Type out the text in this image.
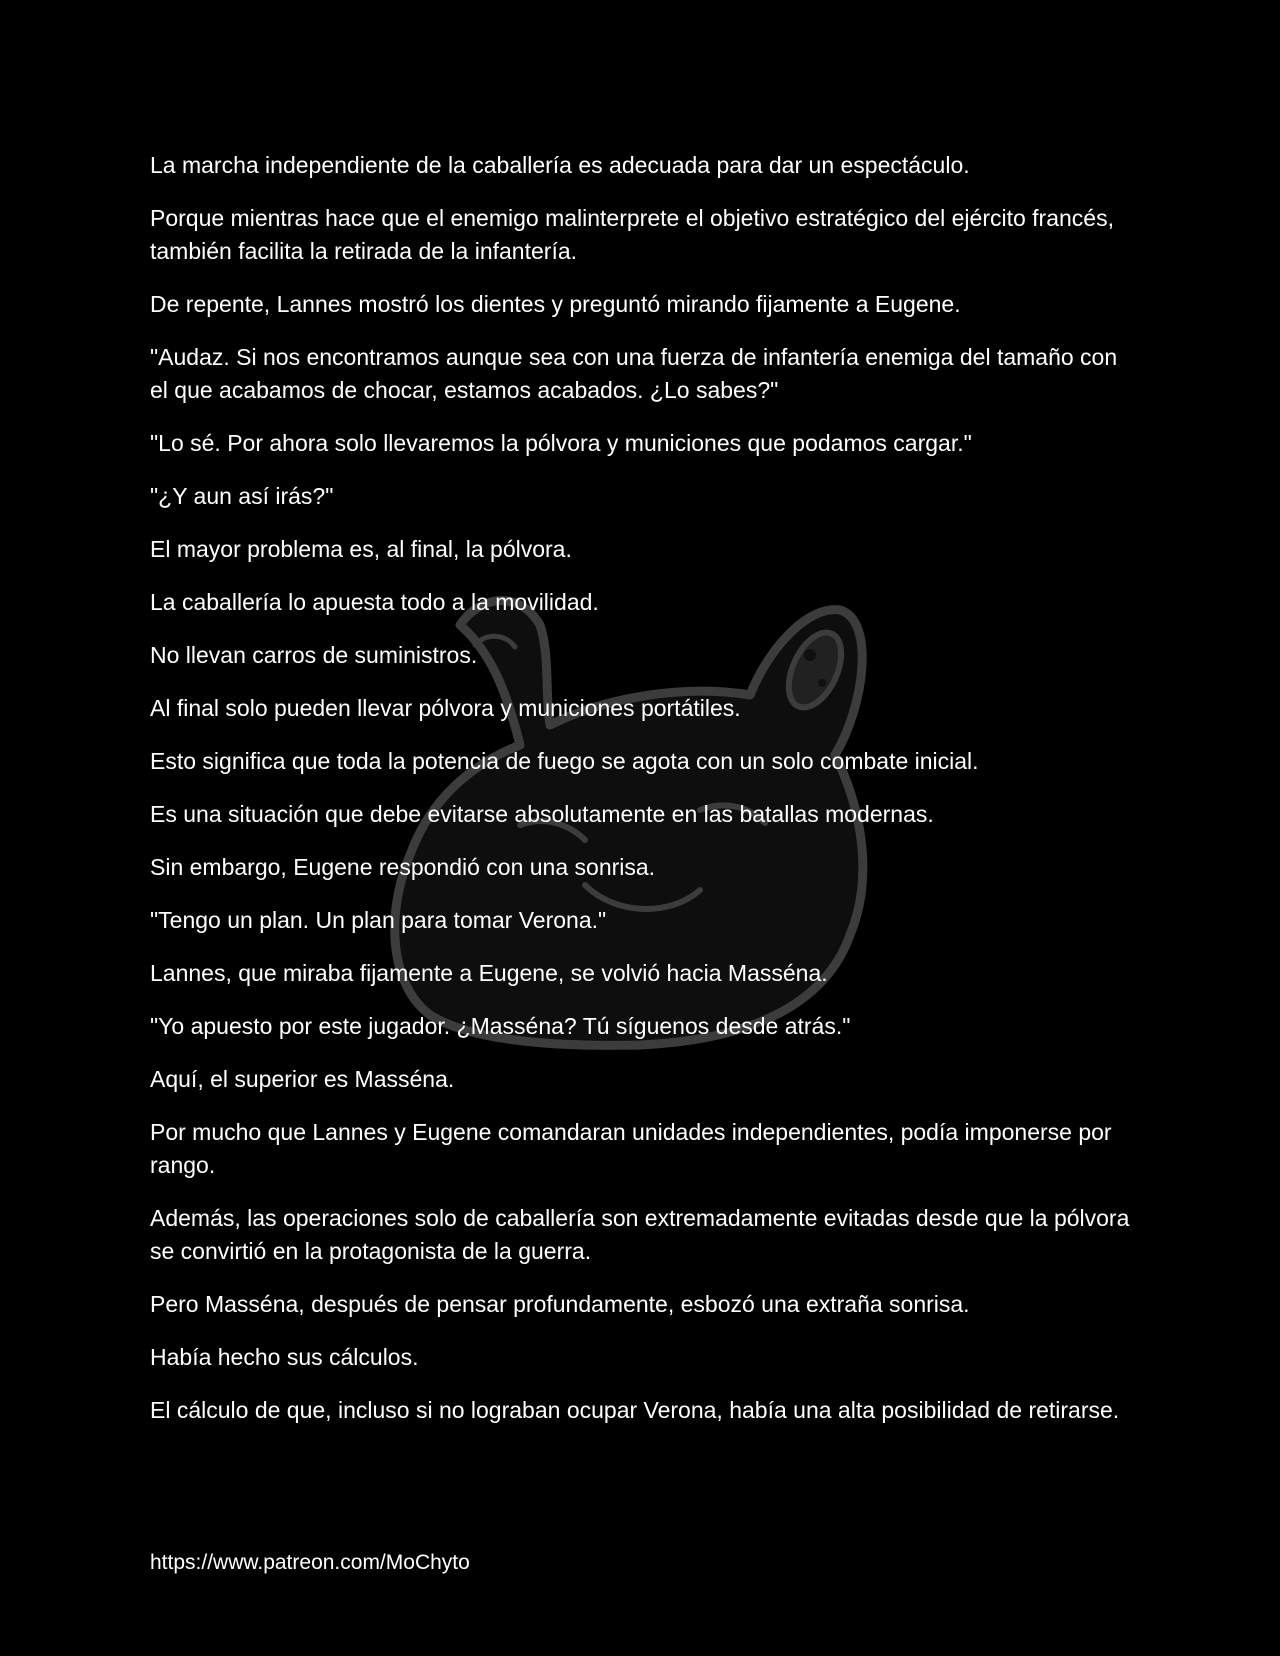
La marcha independiente de la caballería es adecuada para dar un espectáculo.

Porque mientras hace que el enemigo malinterprete el objetivo estratégico del ejército francés, también facilita la retirada de la infantería.

De repente, Lannes mostró los dientes y preguntó mirando fijamente a Eugene.

"Audaz. Si nos encontramos aunque sea con una fuerza de infantería enemiga del tamaño con el que acabamos de chocar, estamos acabados. ¿Lo sabes?"

"Lo sé. Por ahora solo llevaremos la pólvora y municiones que podamos cargar."

"¿Y aun así irás?"

El mayor problema es, al final, la pólvora.

La caballería lo apuesta todo a la movilidad.

No llevan carros de suministros.

Al final solo pueden llevar pólvora y municiones portátiles.

Esto significa que toda la potencia de fuego se agota con un solo combate inicial.

Es una situación que debe evitarse absolutamente en las batallas modernas.

Sin embargo, Eugene respondió con una sonrisa.

"Tengo un plan. Un plan para tomar Verona."

Lannes, que miraba fijamente a Eugene, se volvió hacia Masséna.

"Yo apuesto por este jugador. ¿Masséna? Tú síguenos desde atrás."

Aquí, el superior es Masséna.

Por mucho que Lannes y Eugene comandaran unidades independientes, podía imponerse por rango.

Además, las operaciones solo de caballería son extremadamente evitadas desde que la pólvora se convirtió en la protagonista de la guerra.

Pero Masséna, después de pensar profundamente, esbozó una extraña sonrisa.

Había hecho sus cálculos.

El cálculo de que, incluso si no lograban ocupar Verona, había una alta posibilidad de retirarse.

https://www.patreon.com/MoChyto
